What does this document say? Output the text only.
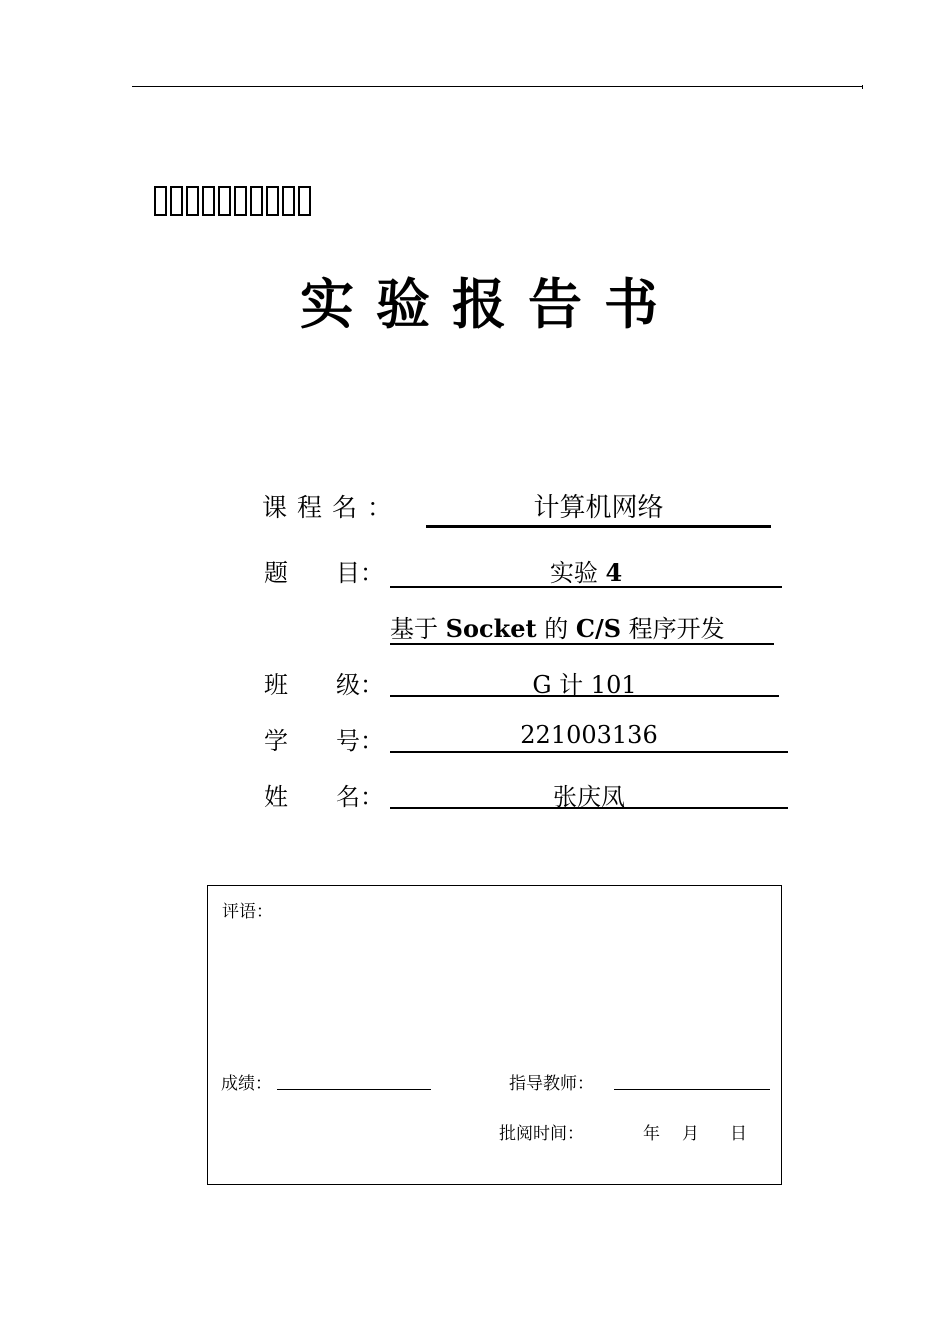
实验报告书
课程名：	计算机网络
题　　目：	实验 4
基于 Socket 的 C/S 程序开发
班　　级：	G 计 101
学　　号：	221003136
姓　　名：	张庆凤
评语：
成绩：	指导教师：
批阅时间：	年 月 日
